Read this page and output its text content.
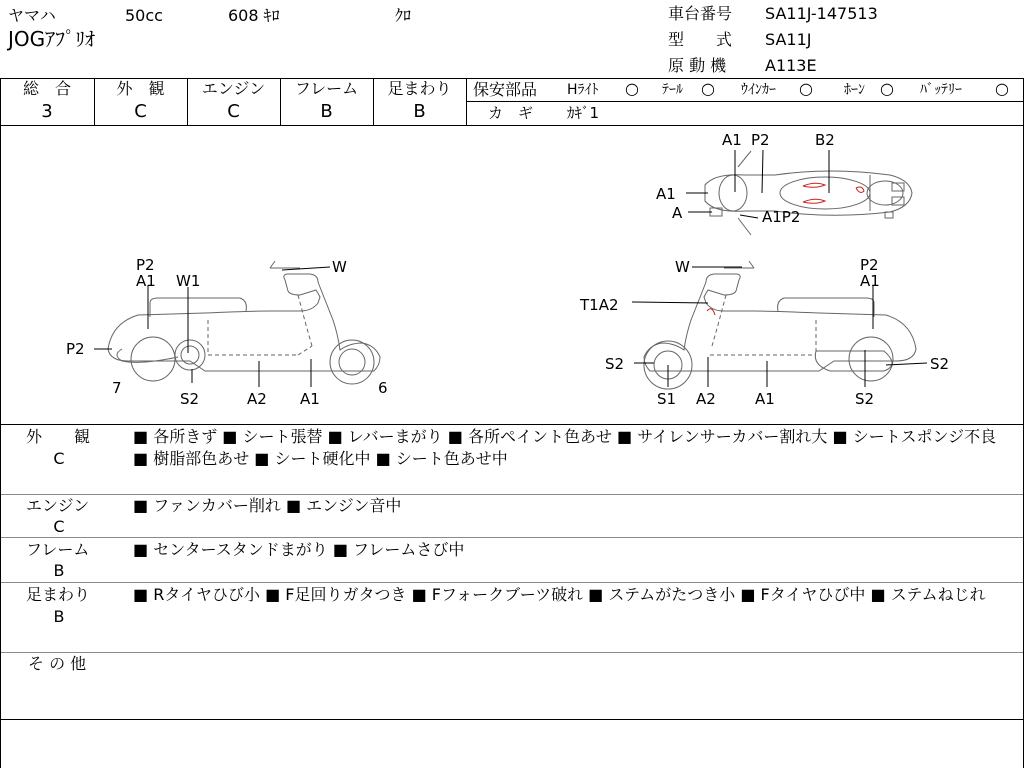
ヤマハ	50cc	608 ｷﾛ	ｸﾛ
JOGｱﾌﾟﾘｵ
車台番号 SA11J-147513
型　　式 SA11J
原 動 機 A113E
総　合	外　観	エンジン	フレーム	足まわり
3	C	C	B	B
保安部品 Hﾗｲﾄ ○ ﾃｰﾙ ○ ｳｲﾝｶｰ ○ ﾎｰﾝ ○ ﾊﾞｯﾃﾘｰ ○
カ　ギ ｶｷﾞ1
A1 P2	B2
A1
A	A1P2
P2
A1 W1
W
P2
7
S2	A2 A1
6
W	P2
A1
T1A2
S2
S1 A2	A1	S2
S2
外　　観
C
■ 各所きず ■ シート張替 ■ レバーまがり ■ 各所ペイント色あせ ■ サイレンサーカバー割れ大 ■ シートスポンジ不良 ■ 樹脂部色あせ ■ シート硬化中 ■ シート色あせ中
エンジン
C
■ ファンカバー削れ ■ エンジン音中
フレーム
B
■ センタースタンドまがり ■ フレームさび中
足まわり
B
■ Rタイヤひび小 ■ F足回りガタつき ■ Fフォークブーツ破れ ■ ステムがたつき小 ■ Fタイヤひび中 ■ ステムねじれ
そ の 他
